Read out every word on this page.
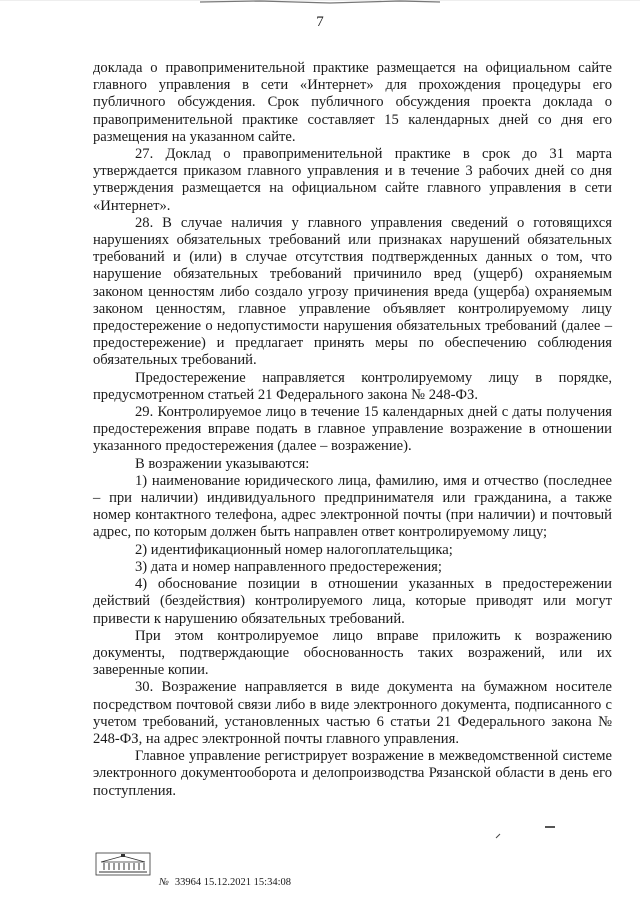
7

доклада о правоприменительной практике размещается на официальном сайте главного управления в сети «Интернет» для прохождения процедуры его публичного обсуждения. Срок публичного обсуждения проекта доклада о правоприменительной практике составляет 15 календарных дней со дня его размещения на указанном сайте.

27. Доклад о правоприменительной практике в срок до 31 марта утверждается приказом главного управления и в течение 3 рабочих дней со дня утверждения размещается на официальном сайте главного управления в сети «Интернет».

28. В случае наличия у главного управления сведений о готовящихся нарушениях обязательных требований или признаках нарушений обязательных требований и (или) в случае отсутствия подтвержденных данных о том, что нарушение обязательных требований причинило вред (ущерб) охраняемым законом ценностям либо создало угрозу причинения вреда (ущерба) охраняемым законом ценностям, главное управление объявляет контролируемому лицу предостережение о недопустимости нарушения обязательных требований (далее – предостережение) и предлагает принять меры по обеспечению соблюдения обязательных требований.

Предостережение направляется контролируемому лицу в порядке, предусмотренном статьей 21 Федерального закона № 248-ФЗ.

29. Контролируемое лицо в течение 15 календарных дней с даты получения предостережения вправе подать в главное управление возражение в отношении указанного предостережения (далее – возражение).

В возражении указываются:

1) наименование юридического лица, фамилию, имя и отчество (последнее – при наличии) индивидуального предпринимателя или гражданина, а также номер контактного телефона, адрес электронной почты (при наличии) и почтовый адрес, по которым должен быть направлен ответ контролируемому лицу;

2) идентификационный номер налогоплательщика;

3) дата и номер направленного предостережения;

4) обоснование позиции в отношении указанных в предостережении действий (бездействия) контролируемого лица, которые приводят или могут привести к нарушению обязательных требований.

При этом контролируемое лицо вправе приложить к возражению документы, подтверждающие обоснованность таких возражений, или их заверенные копии.

30. Возражение направляется в виде документа на бумажном носителе посредством почтовой связи либо в виде электронного документа, подписанного с учетом требований, установленных частью 6 статьи 21 Федерального закона № 248-ФЗ, на адрес электронной почты главного управления.

Главное управление регистрирует возражение в межведомственной системе электронного документооборота и делопроизводства Рязанской области в день его поступления.

№ 33964 15.12.2021 15:34:08
